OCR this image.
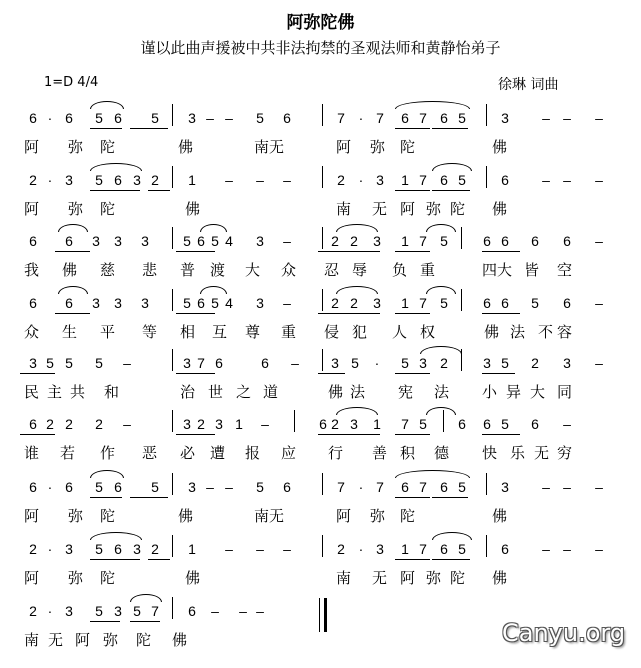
阿弥陀佛
谨以此曲声援被中共非法拘禁的圣观法师和黄静怡弟子
1=D 4/4	徐琳 词曲
6 · 6 5 6 5 3 – – 5 6	7 · 7 6 7 6 5	3 – – –
阿 弥 陀	佛	南无	阿 弥 陀	佛
2 · 3 5 6 3 2 1 – – –	2 · 3 1 7 6 5	6 – – –
阿 弥 陀	佛	南 无 阿 弥 陀 佛
6 6 3 3 3 5 6 5 4 3 –	2 2 3 1 7 5	6 6 6 6 –
我 佛 慈 悲 普 渡 大 众 忍 辱 负 重	四大 皆 空
6 6 3 3 3 5 6 5 4 3 –	2 2 3 1 7 5	6 6 5 6 –
众 生 平 等 相 互 尊 重 侵 犯 人 权	佛 法 不 容
3 5 5 5 –	3 7 6	6 – 3 5 · 5 3 2	3 5 2 3 –
民 主 共 和	治 世 之 道	佛 法 宪 法 小 异 大 同
6 2 2 2 –	3 2 3 1 –	6 2 3 1 7 5 6 6 5 6 –
谁 若 作 恶 必 遭 报 应 行 善 积 德 快 乐 无 穷
6 · 6 5 6 5 3 – – 5 6	7 · 7 6 7 6 5	3 – – –
阿 弥 陀	佛	南无	阿 弥 陀	佛
2 · 3 5 6 3 2 1 – – –	2 · 3 1 7 6 5	6 – – –
阿 弥 陀	佛	南 无 阿 弥 陀 佛
2 · 3 5 3 5 7 6 – – –
南 无 阿 弥 陀 佛	Canyu.org
